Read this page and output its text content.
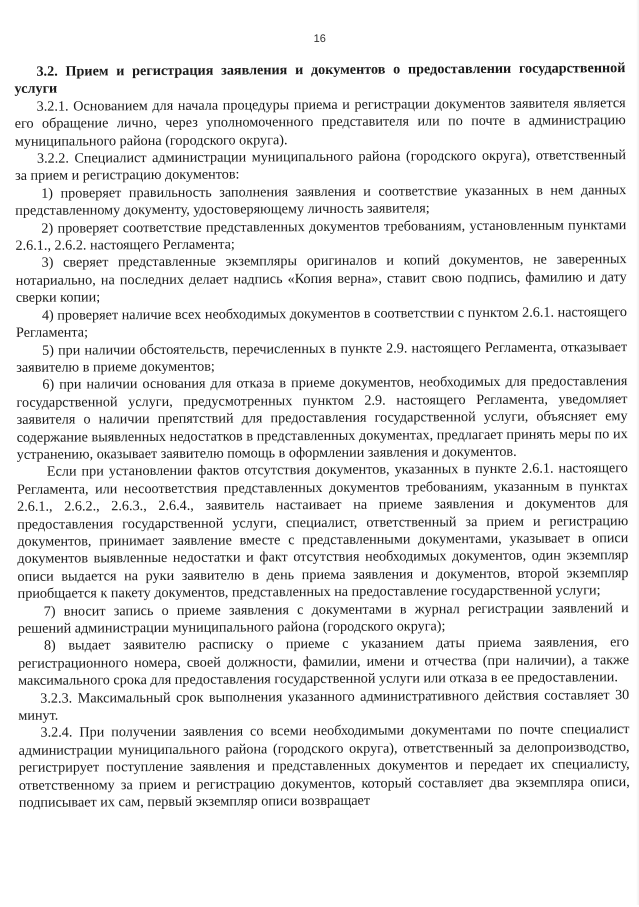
16

3.2. Прием и регистрация заявления и документов о предоставлении государственной услуги

3.2.1. Основанием для начала процедуры приема и регистрации документов заявителя является его обращение лично, через уполномоченного представителя или по почте в администрацию муниципального района (городского округа).

3.2.2. Специалист администрации муниципального района (городского округа), ответственный за прием и регистрацию документов:

1) проверяет правильность заполнения заявления и соответствие указанных в нем данных представленному документу, удостоверяющему личность заявителя;

2) проверяет соответствие представленных документов требованиям, установленным пунктами 2.6.1., 2.6.2. настоящего Регламента;

3) сверяет представленные экземпляры оригиналов и копий документов, не заверенных нотариально, на последних делает надпись «Копия верна», ставит свою подпись, фамилию и дату сверки копии;

4) проверяет наличие всех необходимых документов в соответствии с пунктом 2.6.1. настоящего Регламента;

5) при наличии обстоятельств, перечисленных в пункте 2.9. настоящего Регламента, отказывает заявителю в приеме документов;

6) при наличии основания для отказа в приеме документов, необходимых для предоставления государственной услуги, предусмотренных пунктом 2.9. настоящего Регламента, уведомляет заявителя о наличии препятствий для предоставления государственной услуги, объясняет ему содержание выявленных недостатков в представленных документах, предлагает принять меры по их устранению, оказывает заявителю помощь в оформлении заявления и документов.

Если при установлении фактов отсутствия документов, указанных в пункте 2.6.1. настоящего Регламента, или несоответствия представленных документов требованиям, указанным в пунктах 2.6.1., 2.6.2., 2.6.3., 2.6.4., заявитель настаивает на приеме заявления и документов для предоставления государственной услуги, специалист, ответственный за прием и регистрацию документов, принимает заявление вместе с представленными документами, указывает в описи документов выявленные недостатки и факт отсутствия необходимых документов, один экземпляр описи выдается на руки заявителю в день приема заявления и документов, второй экземпляр приобщается к пакету документов, представленных на предоставление государственной услуги;

7) вносит запись о приеме заявления с документами в журнал регистрации заявлений и решений администрации муниципального района (городского округа);

8) выдает заявителю расписку о приеме с указанием даты приема заявления, его регистрационного номера, своей должности, фамилии, имени и отчества (при наличии), а также максимального срока для предоставления государственной услуги или отказа в ее предоставлении.

3.2.3. Максимальный срок выполнения указанного административного действия составляет 30 минут.

3.2.4. При получении заявления со всеми необходимыми документами по почте специалист администрации муниципального района (городского округа), ответственный за делопроизводство, регистрирует поступление заявления и представленных документов и передает их специалисту, ответственному за прием и регистрацию документов, который составляет два экземпляра описи, подписывает их сам, первый экземпляр описи возвращает
